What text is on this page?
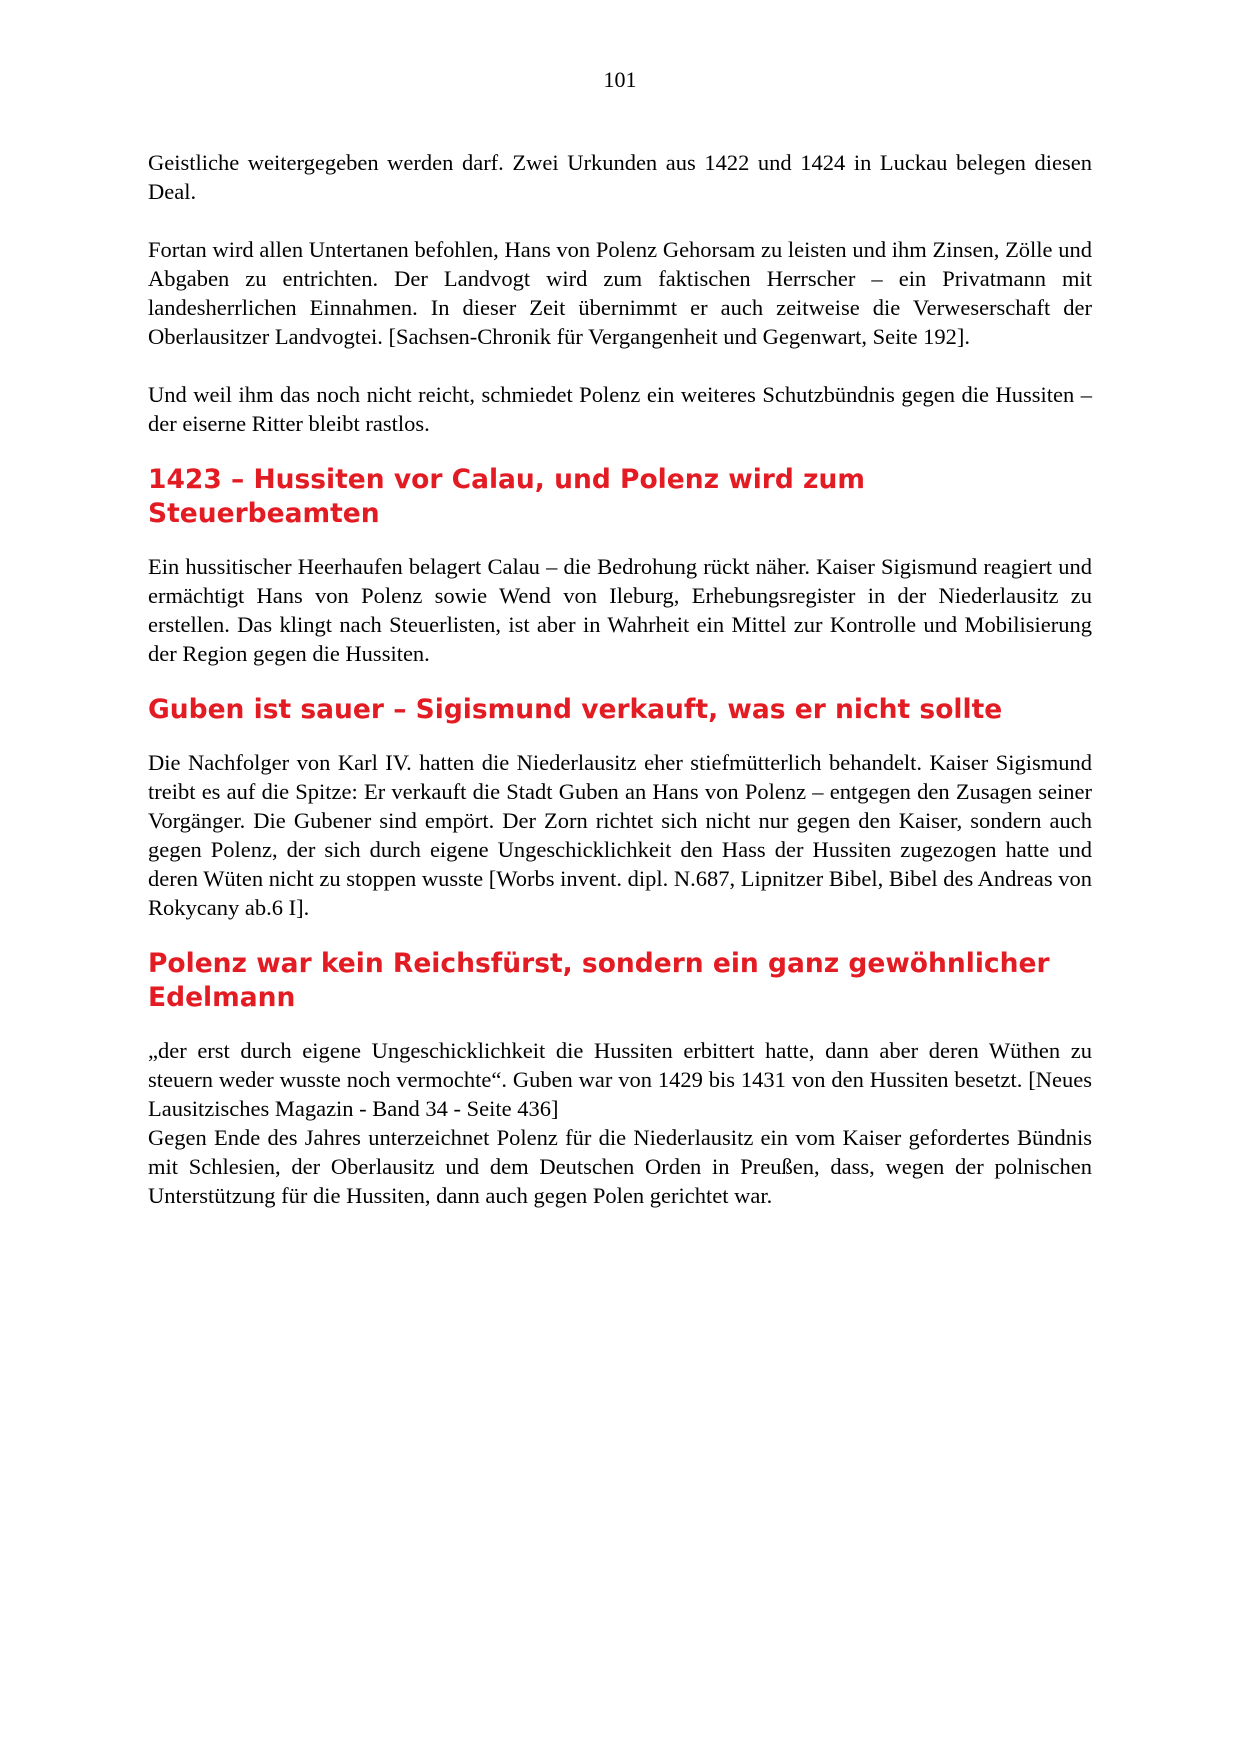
101

Geistliche weitergegeben werden darf. Zwei Urkunden aus 1422 und 1424 in Luckau belegen diesen Deal.

Fortan wird allen Untertanen befohlen, Hans von Polenz Gehorsam zu leisten und ihm Zinsen, Zölle und Abgaben zu entrichten. Der Landvogt wird zum faktischen Herrscher – ein Privatmann mit landesherrlichen Einnahmen. In dieser Zeit übernimmt er auch zeitweise die Verweserschaft der Oberlausitzer Landvogtei. [Sachsen-Chronik für Vergangenheit und Gegenwart, Seite 192].

Und weil ihm das noch nicht reicht, schmiedet Polenz ein weiteres Schutzbündnis gegen die Hussiten – der eiserne Ritter bleibt rastlos.

1423 – Hussiten vor Calau, und Polenz wird zum Steuerbeamten

Ein hussitischer Heerhaufen belagert Calau – die Bedrohung rückt näher. Kaiser Sigismund reagiert und ermächtigt Hans von Polenz sowie Wend von Ileburg, Erhebungsregister in der Niederlausitz zu erstellen. Das klingt nach Steuerlisten, ist aber in Wahrheit ein Mittel zur Kontrolle und Mobilisierung der Region gegen die Hussiten.

Guben ist sauer – Sigismund verkauft, was er nicht sollte

Die Nachfolger von Karl IV. hatten die Niederlausitz eher stiefmütterlich behandelt. Kaiser Sigismund treibt es auf die Spitze: Er verkauft die Stadt Guben an Hans von Polenz – entgegen den Zusagen seiner Vorgänger. Die Gubener sind empört. Der Zorn richtet sich nicht nur gegen den Kaiser, sondern auch gegen Polenz, der sich durch eigene Ungeschicklichkeit den Hass der Hussiten zugezogen hatte und deren Wüten nicht zu stoppen wusste [Worbs invent. dipl. N.687, Lipnitzer Bibel, Bibel des Andreas von Rokycany ab.6 I].

Polenz war kein Reichsfürst, sondern ein ganz gewöhnlicher Edelmann

„der erst durch eigene Ungeschicklichkeit die Hussiten erbittert hatte, dann aber deren Wüthen zu steuern weder wusste noch vermochte“. Guben war von 1429 bis 1431 von den Hussiten besetzt. [Neues Lausitzisches Magazin - Band 34 - Seite 436]

Gegen Ende des Jahres unterzeichnet Polenz für die Niederlausitz ein vom Kaiser gefordertes Bündnis mit Schlesien, der Oberlausitz und dem Deutschen Orden in Preußen, dass, wegen der polnischen Unterstützung für die Hussiten, dann auch gegen Polen gerichtet war.
